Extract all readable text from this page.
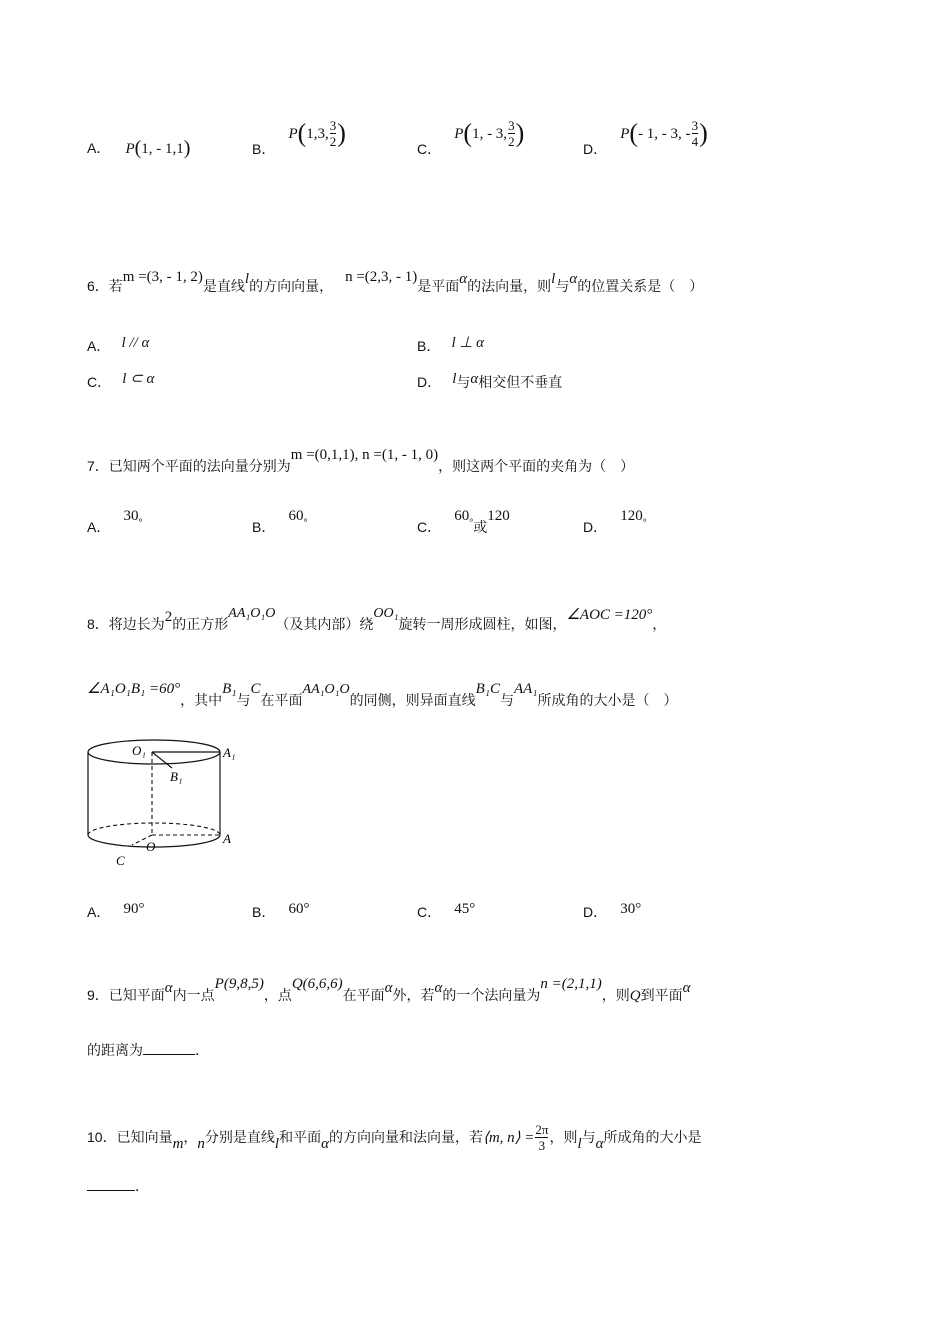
A． P(1, - 1,1)	B． P(1,3, $\frac{3}{2}$ )
C． P(1, - 3, $\frac{3}{2}$ )
D． P(- 1, - 3, - $\frac{3}{4}$ )
6．若m =(3, - 1, 2)是直线l的方向向量，n =(2,3, - 1)是平面α的法向量，则l与α的位置关系是（　）
A． l // α	B． l ⊥ α
C． l ⊂ α	D． l与α相交但不垂直
7．已知两个平面的法向量分别为m =(0,1,1), n =(1, - 1, 0)，则这两个平面的夹角为（　）
A． 30°	B． 60°	C． 60°或120
D． 120°
8．将边长为2的正方形AA₁O₁O（及其内部）绕OO₁旋转一周形成圆柱，如图，∠AOC =120°，
∠A₁O₁B₁ =60°，其中B₁与C在平面AA₁O₁O的同侧，则异面直线B₁C与AA₁所成角的大小是（　）
O₁	A₁
B₁
O
A
C
A． 90°	B． 60°	C． 45°	D． 30°
9．已知平面α内一点P(9,8,5)，点Q(6,6,6)在平面α外，若α的一个法向量为n =(2,1,1)，则Q到平面α
的距离为	．
10．已知向量m，n分别是直线l和平面α的方向向量和法向量，若⟨m, n⟩ = $\frac{2\pi}{3}$ ，则l与α所成角的大小是
．
